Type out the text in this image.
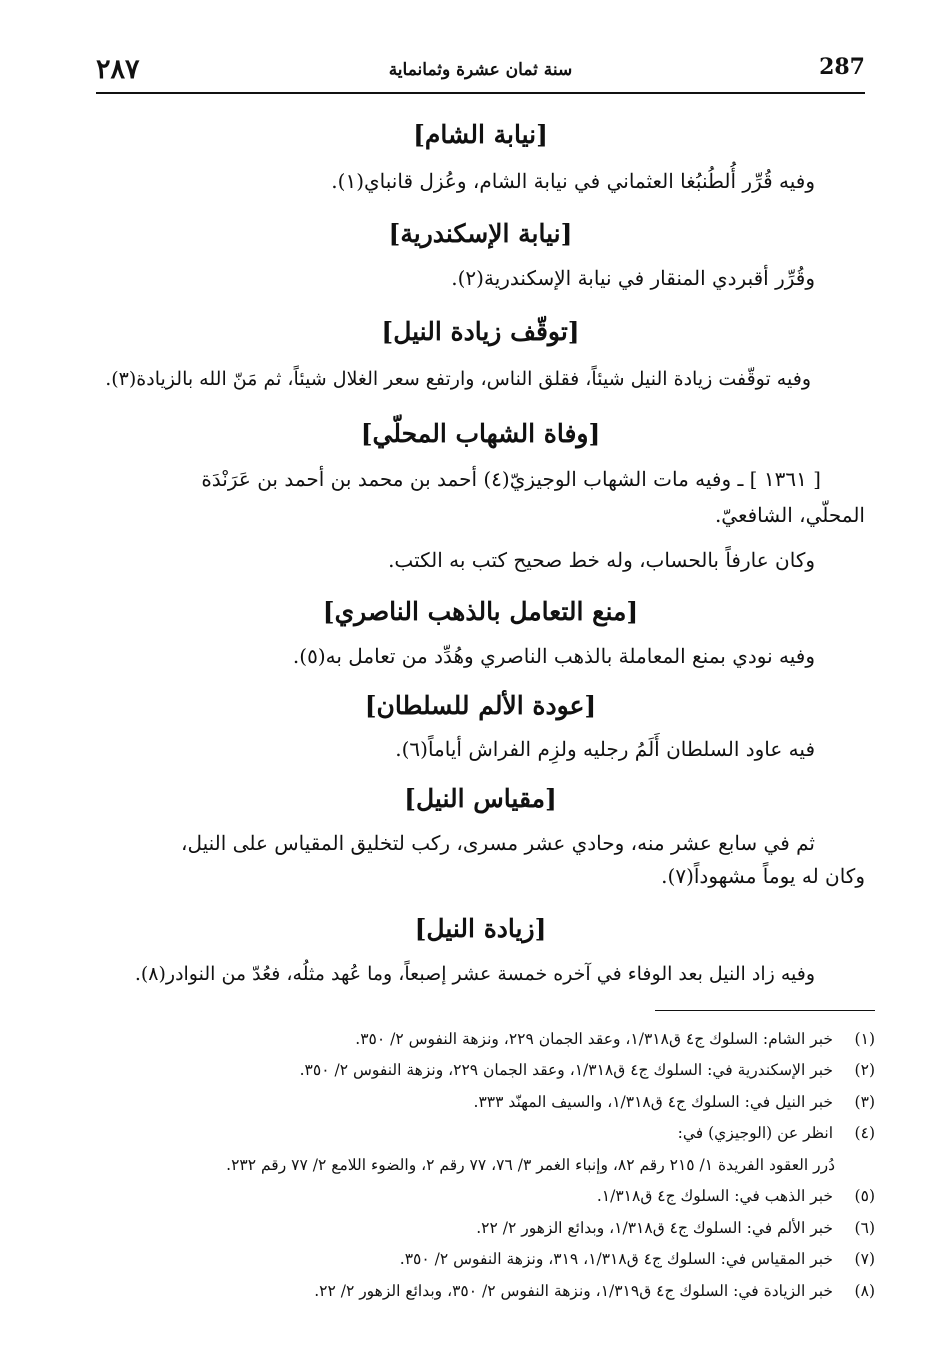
٢٨٧	سنة ثمان عشرة وثمانماية	287
[نيابة الشام]
وفيه قُرِّر أُلطُنبُغا العثماني في نيابة الشام، وعُزل قانباي(١).
[نيابة الإسكندرية]
وقُرِّر أقبردي المنقار في نيابة الإسكندرية(٢).
[توقّف زيادة النيل]
وفيه توقّفت زيادة النيل شيئاً، فقلق الناس، وارتفع سعر الغلال شيئاً، ثم مَنّ الله بالزيادة(٣).
[وفاة الشهاب المحلّي]
[ ١٣٦١ ] ـ وفيه مات الشهاب الوجيزيّ(٤) أحمد بن محمد بن أحمد بن عَرَنْدَة
المحلّي، الشافعيّ.
وكان عارفاً بالحساب، وله خط صحيح كتب به الكتب.
[منع التعامل بالذهب الناصري]
وفيه نودي بمنع المعاملة بالذهب الناصري وهُدِّد من تعامل به(٥).
[عودة الألم للسلطان]
فيه عاود السلطان أَلَمُ رجليه ولزِم الفراش أياماً(٦).
[مقياس النيل]
ثم في سابع عشر منه، وحادي عشر مسرى، ركب لتخليق المقياس على النيل،
وكان له يوماً مشهوداً(٧).
[زيادة النيل]
وفيه زاد النيل بعد الوفاء في آخره خمسة عشر إصبعاً، وما عُهد مثلُه، فعُدّ من النوادر(٨).
(١)
خبر الشام: السلوك ج٤ ق١/٣١٨، وعقد الجمان ٢٢٩، ونزهة النفوس ٢/ ٣٥٠.
(٢)
خبر الإسكندرية في: السلوك ج٤ ق١/٣١٨، وعقد الجمان ٢٢٩، ونزهة النفوس ٢/ ٣٥٠.
(٣)
خبر النيل في: السلوك ج٤ ق١/٣١٨، والسيف المهنّد ٣٣٣.
(٤)
انظر عن (الوجيزي) في:
دُرر العقود الفريدة ١/ ٢١٥ رقم ٨٢، وإنباء الغمر ٣/ ٧٦، ٧٧ رقم ٢، والضوء اللامع ٢/ ٧٧ رقم ٢٣٢.
(٥)
خبر الذهب في: السلوك ج٤ ق١/٣١٨.
(٦)
خبر الألم في: السلوك ج٤ ق١/٣١٨، وبدائع الزهور ٢/ ٢٢.
(٧)
خبر المقياس في: السلوك ج٤ ق١/٣١٨، ٣١٩، ونزهة النفوس ٢/ ٣٥٠.
(٨)
خبر الزيادة في: السلوك ج٤ ق١/٣١٩، ونزهة النفوس ٢/ ٣٥٠، وبدائع الزهور ٢/ ٢٢.
